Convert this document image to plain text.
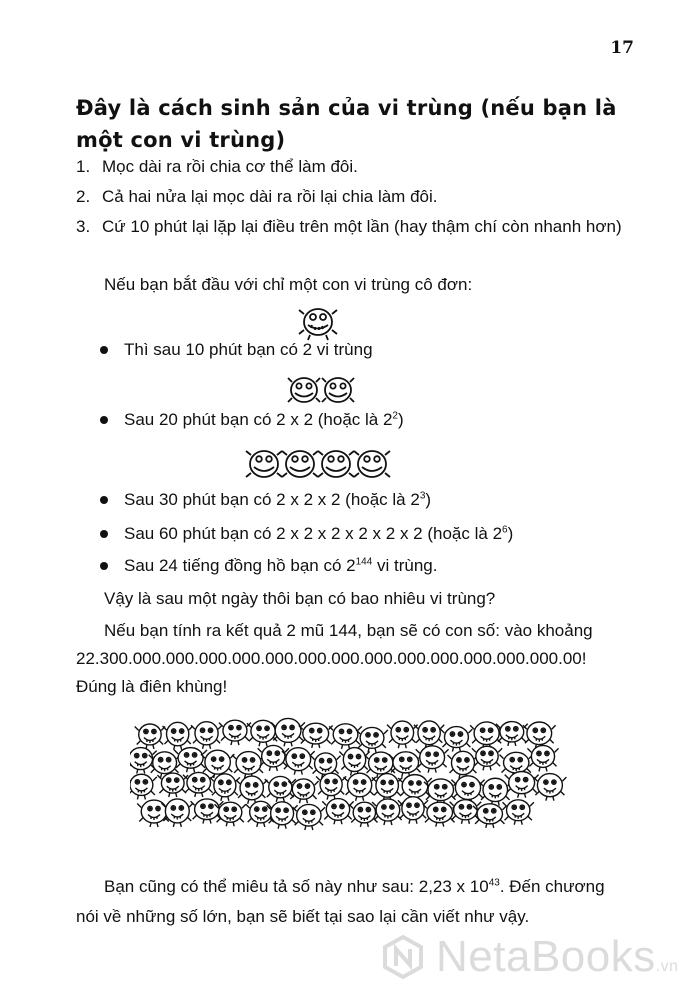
17
Đây là cách sinh sản của vi trùng (nếu bạn là một con vi trùng)
1. Mọc dài ra rồi chia cơ thể làm đôi.
2. Cả hai nửa lại mọc dài ra rồi lại chia làm đôi.
3. Cứ 10 phút lại lặp lại điều trên một lần (hay thậm chí còn nhanh hơn)
Nếu bạn bắt đầu với chỉ một con vi trùng cô đơn:
Thì sau 10 phút bạn có 2 vi trùng
Sau 20 phút bạn có 2 x 2 (hoặc là $2^2$)
Sau 30 phút bạn có 2 x 2 x 2 (hoặc là $2^3$)
Sau 60 phút bạn có 2 x 2 x 2 x 2 x 2 x 2 (hoặc là $2^6$)
Sau 24 tiếng đồng hồ bạn có $2^{144}$ vi trùng.
Vậy là sau một ngày thôi bạn có bao nhiêu vi trùng?
Nếu bạn tính ra kết quả 2 mũ 144, bạn sẽ có con số: vào khoảng
22.300.000.000.000.000.000.000.000.000.000.000.000.000.000.00!
Đúng là điên khùng!
Bạn cũng có thể miêu tả số này như sau: 2,23 x $10^{43}$. Đến chương
nói về những số lớn, bạn sẽ biết tại sao lại cần viết như vậy.
NetaBooks.vn
